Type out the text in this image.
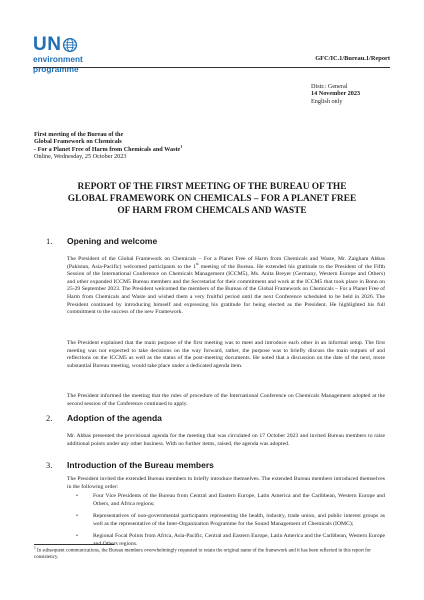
UN
environment
programme
GFC/IC.1/Bureau.1/Report
Distr.: General
14 November 2023
English only
First meeting of the Bureau of the
Global Framework on Chemicals
- For a Planet Free of Harm from Chemicals and Waste$^1$
Online, Wednesday, 25 October 2023
REPORT OF THE FIRST MEETING OF THE BUREAU OF THE
GLOBAL FRAMEWORK ON CHEMICALS – FOR A PLANET FREE
OF HARM FROM CHEMCALS AND WASTE
1. Opening and welcome
The President of the Global Framework on Chemicals – For a Planet Free of Harm from Chemicals and Waste, Mr. Zaigham Abbas (Pakistan, Asia-Pacific) welcomed participants to the 1st meeting of the Bureau. He extended his gratitude to the President of the Fifth Session of the International Conference on Chemicals Management (ICCM5), Ms. Anita Breyer (Germany, Western Europe and Others) and other expanded ICCM5 Bureau members and the Secretariat for their commitment and work at the ICCM5 that took place in Bonn on 25-29 September 2023. The President welcomed the members of the Bureau of the Global Framework on Chemicals – For a Planet Free of Harm from Chemicals and Waste and wished them a very fruitful period until the next Conference scheduled to be held in 2026. The President continued by introducing himself and expressing his gratitude for being elected as the President. He highlighted his full commitment to the success of the new Framework.
The President explained that the main purpose of the first meeting was to meet and introduce each other in an informal setup. The first meeting was not expected to take decisions on the way forward, rather, the purpose was to briefly discuss the main outputs of and reflections on the ICCM5 as well as the status of the post-meeting documents. He noted that a discussion on the date of the next, more substantial Bureau meeting, would take place under a dedicated agenda item.
The President informed the meeting that the rules of procedure of the International Conference on Chemicals Management adopted at the second session of the Conference continued to apply.
2. Adoption of the agenda
Mr. Abbas presented the provisional agenda for the meeting that was circulated on 17 October 2023 and invited Bureau members to raise additional points under any other business. With no further items, raised, the agenda was adopted.
3. Introduction of the Bureau members
The President invited the extended Bureau members to briefly introduce themselves. The extended Bureau members introduced themselves in the following order:
•	Four Vice Presidents of the Bureau from Central and Eastern Europe, Latin America and the Caribbean, Western Europe and Others, and Africa regions;
•	Representatives of non-governmental participants representing the health, industry, trade union, and public interest groups as well as the representative of the Inter-Organization Programme for the Sound Management of Chemicals (IOMC);
•	Regional Focal Points from Africa, Asia-Pacific, Central and Eastern Europe, Latin America and the Caribbean, Western Europe and Others regions.
$^1$ In subsequent communications, the Bureau members overwhelmingly requested to retain the original name of the framework and it has been reflected in this report for consistency.
